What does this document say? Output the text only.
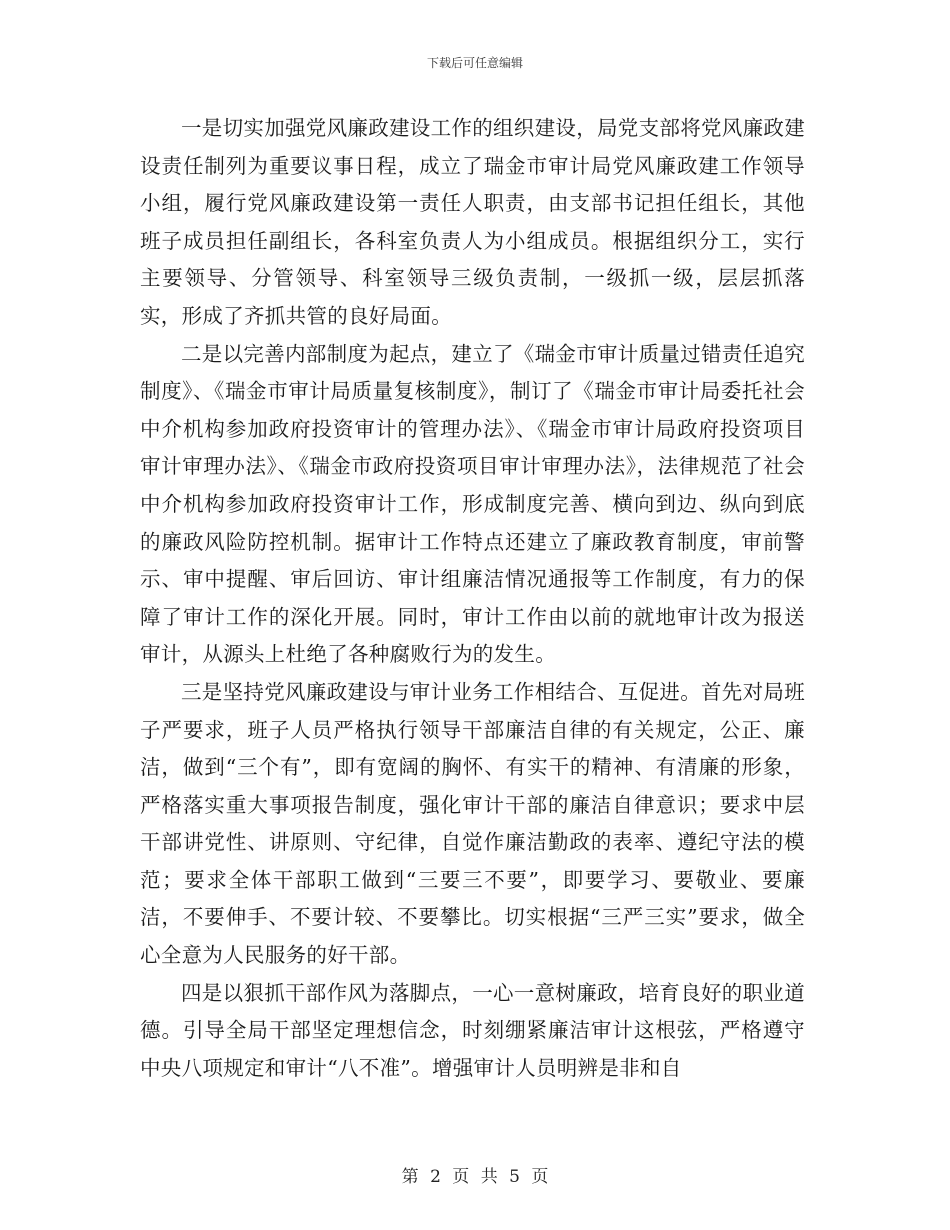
下载后可任意编辑

一是切实加强党风廉政建设工作的组织建设，局党支部将党风廉政建设责任制列为重要议事日程，成立了瑞金市审计局党风廉政建工作领导小组，履行党风廉政建设第一责任人职责，由支部书记担任组长，其他班子成员担任副组长，各科室负责人为小组成员。根据组织分工，实行主要领导、分管领导、科室领导三级负责制，一级抓一级，层层抓落实，形成了齐抓共管的良好局面。

二是以完善内部制度为起点，建立了《瑞金市审计质量过错责任追究制度》、《瑞金市审计局质量复核制度》，制订了《瑞金市审计局委托社会中介机构参加政府投资审计的管理办法》、《瑞金市审计局政府投资项目审计审理办法》、《瑞金市政府投资项目审计审理办法》，法律规范了社会中介机构参加政府投资审计工作，形成制度完善、横向到边、纵向到底的廉政风险防控机制。据审计工作特点还建立了廉政教育制度，审前警示、审中提醒、审后回访、审计组廉洁情况通报等工作制度，有力的保障了审计工作的深化开展。同时，审计工作由以前的就地审计改为报送审计，从源头上杜绝了各种腐败行为的发生。

三是坚持党风廉政建设与审计业务工作相结合、互促进。首先对局班子严要求，班子人员严格执行领导干部廉洁自律的有关规定，公正、廉洁，做到“三个有”，即有宽阔的胸怀、有实干的精神、有清廉的形象，严格落实重大事项报告制度，强化审计干部的廉洁自律意识；要求中层干部讲党性、讲原则、守纪律，自觉作廉洁勤政的表率、遵纪守法的模范；要求全体干部职工做到“三要三不要”，即要学习、要敬业、要廉洁，不要伸手、不要计较、不要攀比。切实根据“三严三实”要求，做全心全意为人民服务的好干部。

四是以狠抓干部作风为落脚点，一心一意树廉政，培育良好的职业道德。引导全局干部坚定理想信念，时刻绷紧廉洁审计这根弦，严格遵守中央八项规定和审计“八不准”。增强审计人员明辨是非和自

第 2 页 共 5 页
